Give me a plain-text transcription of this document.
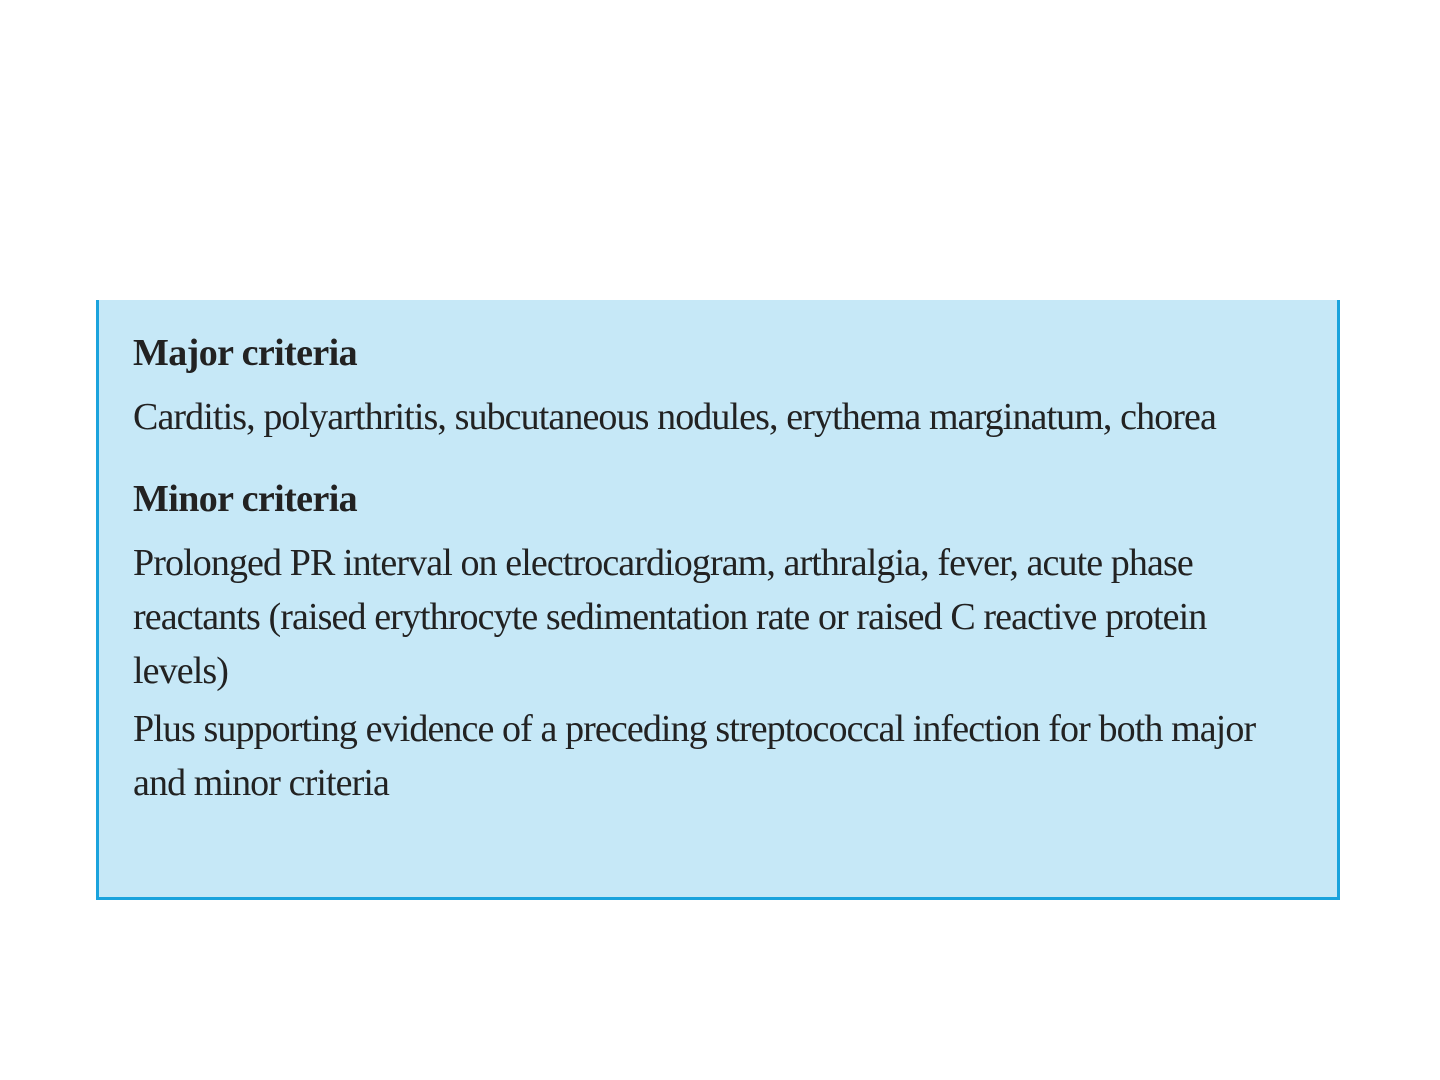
Major criteria

Carditis, polyarthritis, subcutaneous nodules, erythema marginatum, chorea

Minor criteria

Prolonged PR interval on electrocardiogram, arthralgia, fever, acute phase reactants (raised erythrocyte sedimentation rate or raised C reactive protein levels)

Plus supporting evidence of a preceding streptococcal infection for both major and minor criteria
